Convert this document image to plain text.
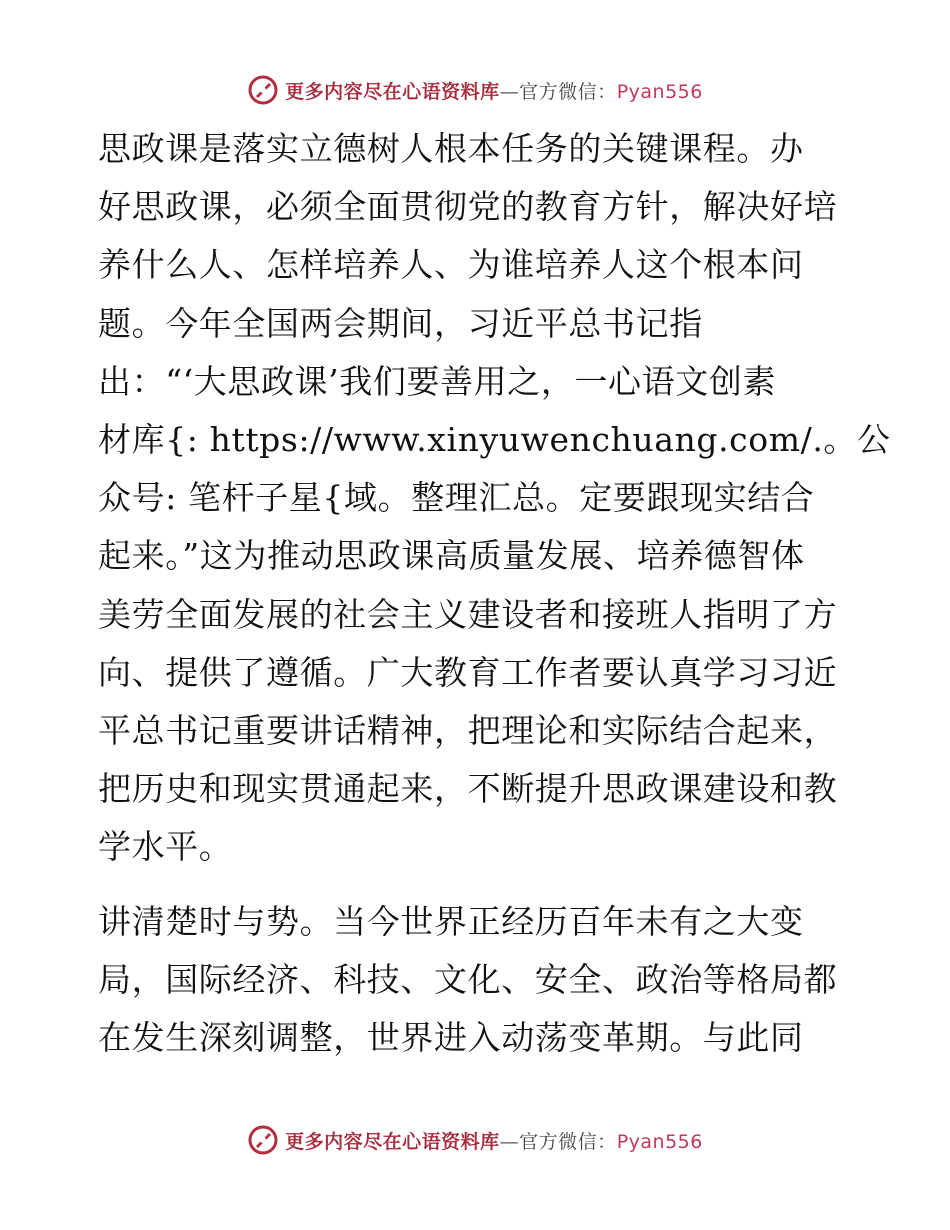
更多内容尽在心语资料库—官方微信：Pyan556

思政课是落实立德树人根本任务的关键课程。办
好思政课，必须全面贯彻党的教育方针，解决好培
养什么人、怎样培养人、为谁培养人这个根本问
题。今年全国两会期间，习近平总书记指
出：“‘大思政课’我们要善用之，一心语文创素
材库{: https://www.xinyuwenchuang.com/.。公
众号: 笔杆子星{域。整理汇总。定要跟现实结合
起来。”这为推动思政课高质量发展、培养德智体
美劳全面发展的社会主义建设者和接班人指明了方
向、提供了遵循。广大教育工作者要认真学习习近
平总书记重要讲话精神，把理论和实际结合起来，
把历史和现实贯通起来，不断提升思政课建设和教
学水平。

讲清楚时与势。当今世界正经历百年未有之大变
局，国际经济、科技、文化、安全、政治等格局都
在发生深刻调整，世界进入动荡变革期。与此同

更多内容尽在心语资料库—官方微信：Pyan556
